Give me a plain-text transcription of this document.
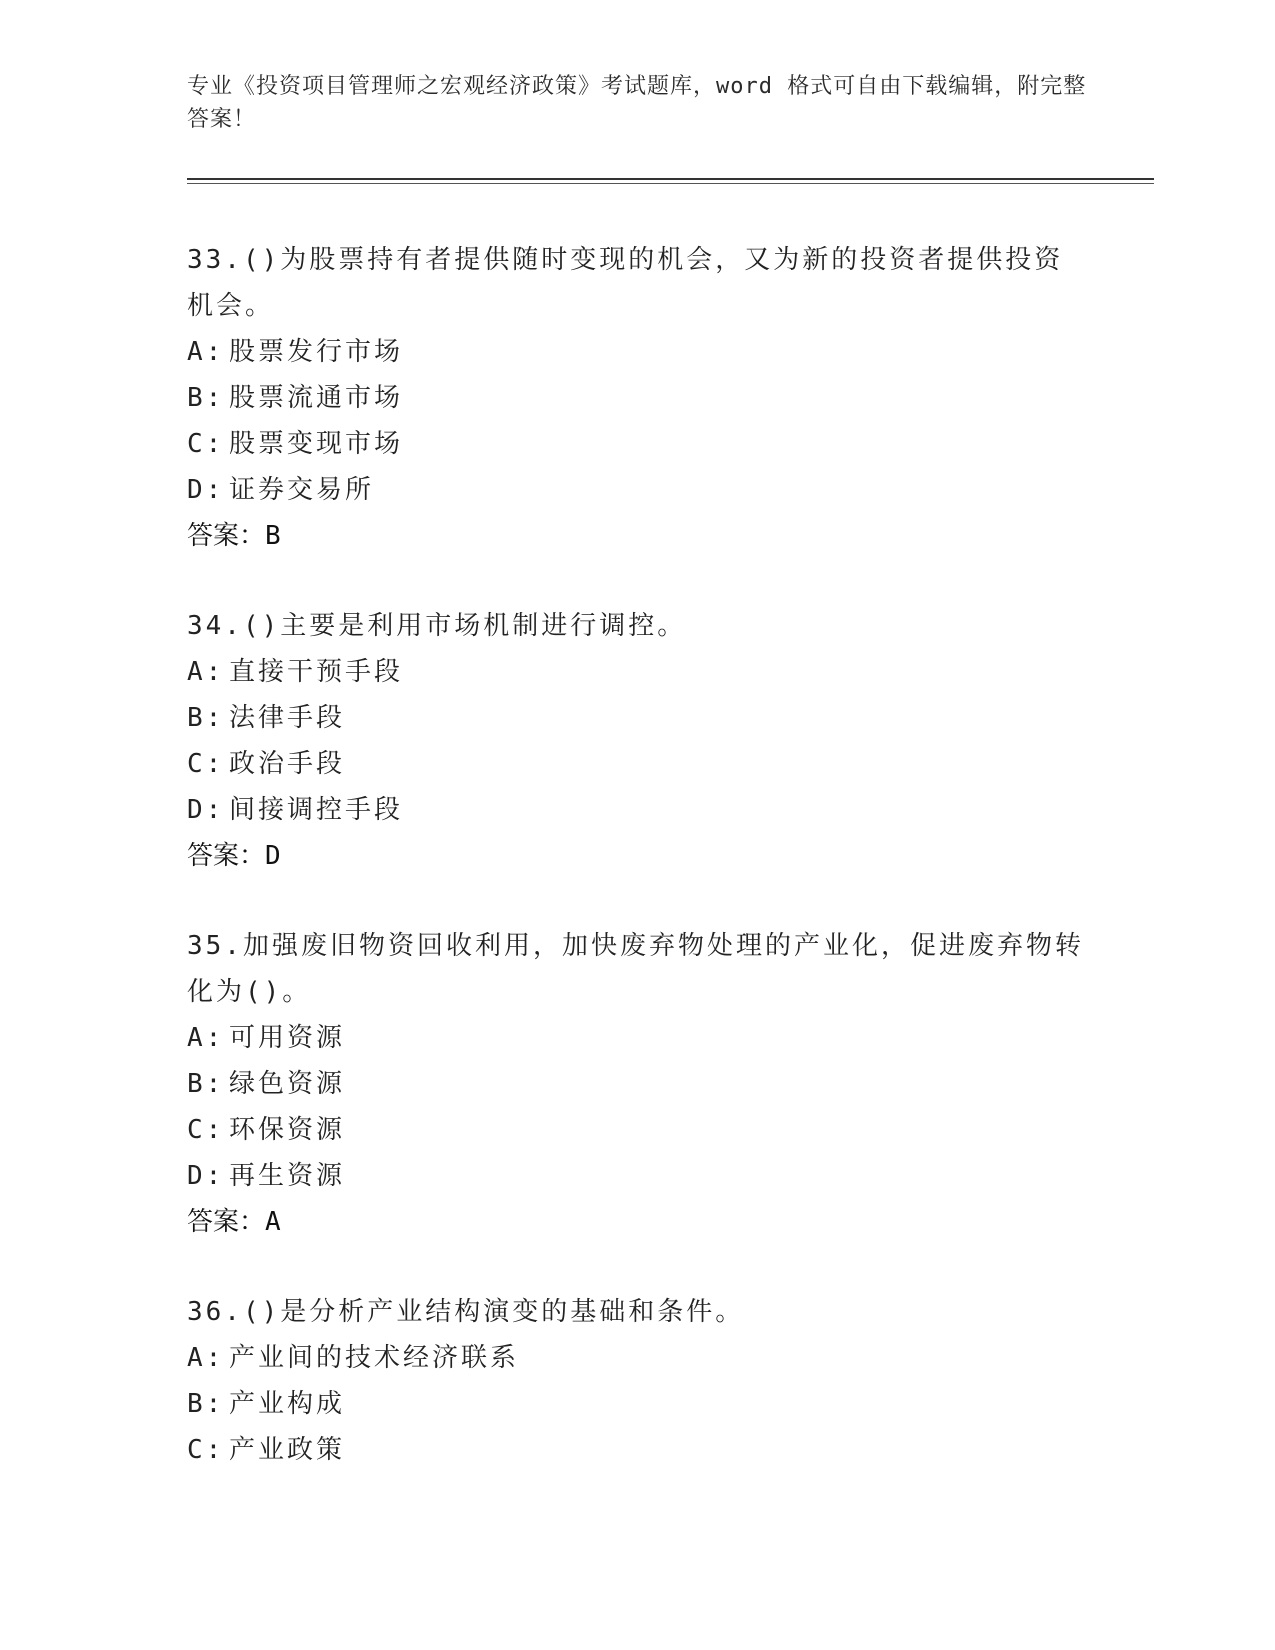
专业《投资项目管理师之宏观经济政策》考试题库，word 格式可自由下载编辑，附完整答案！
33.()为股票持有者提供随时变现的机会，又为新的投资者提供投资机会。
A: 股票发行市场
B: 股票流通市场
C: 股票变现市场
D: 证券交易所
答案：B
34.()主要是利用市场机制进行调控。
A: 直接干预手段
B: 法律手段
C: 政治手段
D: 间接调控手段
答案：D
35.加强废旧物资回收利用，加快废弃物处理的产业化，促进废弃物转化为()。
A: 可用资源
B: 绿色资源
C: 环保资源
D: 再生资源
答案：A
36.()是分析产业结构演变的基础和条件。
A: 产业间的技术经济联系
B: 产业构成
C: 产业政策
